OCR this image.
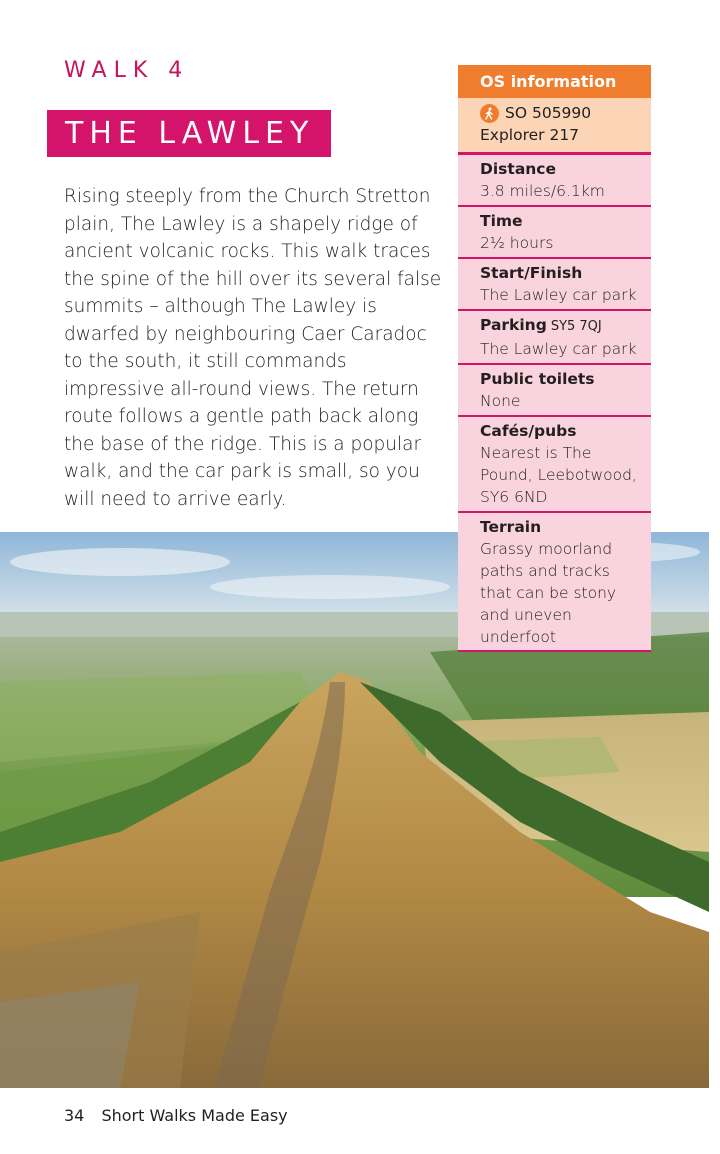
WALK 4
THE LAWLEY

Rising steeply from the Church Stretton plain, The Lawley is a shapely ridge of ancient volcanic rocks. This walk traces the spine of the hill over its several false summits – although The Lawley is dwarfed by neighbouring Caer Caradoc to the south, it still commands impressive all-round views. The return route follows a gentle path back along the base of the ridge. This is a popular walk, and the car park is small, so you will need to arrive early.

OS information
SO 505990
Explorer 217
Distance
3.8 miles/6.1km
Time
2½ hours
Start/Finish
The Lawley car park
Parking SY5 7QJ
The Lawley car park
Public toilets
None
Cafés/pubs
Nearest is The Pound, Leebotwood, SY6 6ND
Terrain
Grassy moorland paths and tracks that can be stony and uneven underfoot
34 Short Walks Made Easy
